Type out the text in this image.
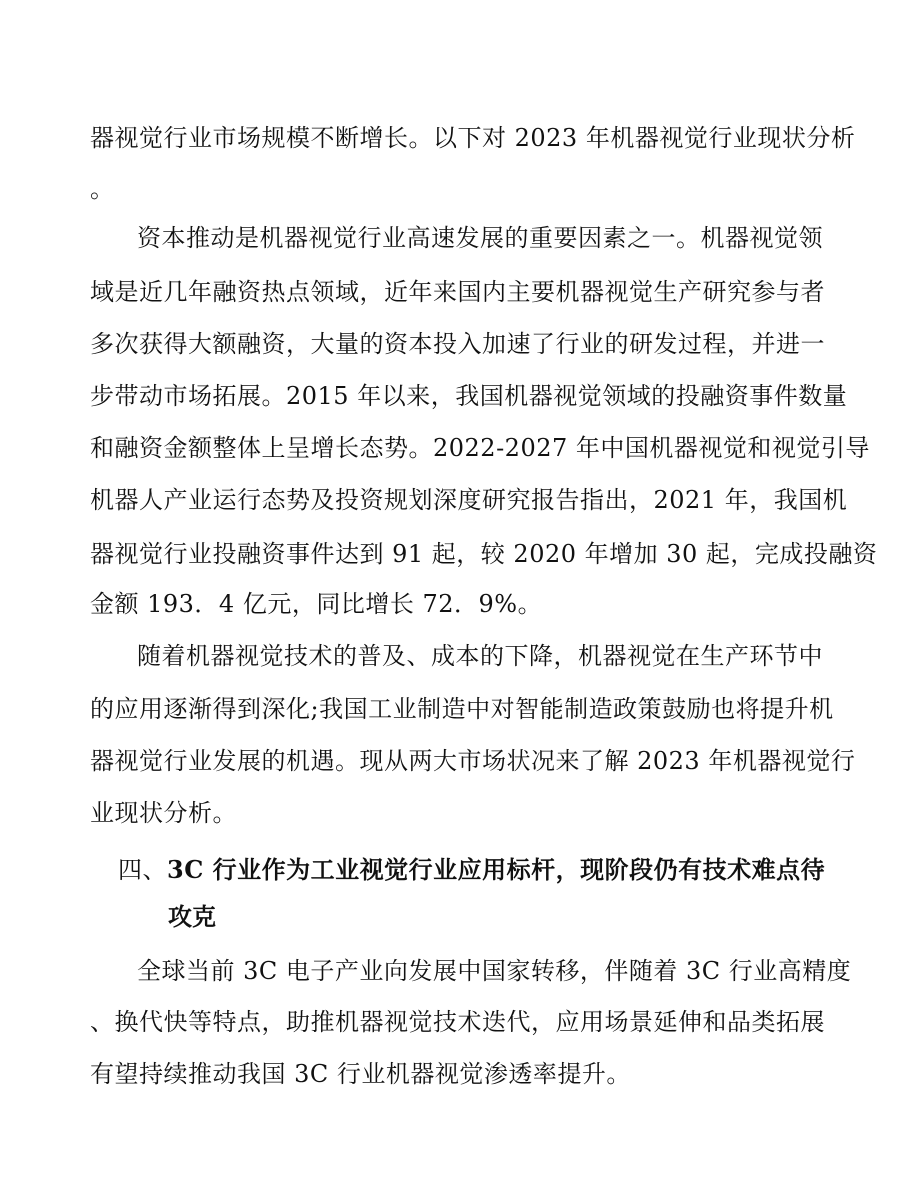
器视觉行业市场规模不断增长。以下对 2023 年机器视觉行业现状分析
。
资本推动是机器视觉行业高速发展的重要因素之一。机器视觉领
域是近几年融资热点领域，近年来国内主要机器视觉生产研究参与者
多次获得大额融资，大量的资本投入加速了行业的研发过程，并进一
步带动市场拓展。2015 年以来，我国机器视觉领域的投融资事件数量
和融资金额整体上呈增长态势。2022-2027 年中国机器视觉和视觉引导
机器人产业运行态势及投资规划深度研究报告指出，2021 年，我国机
器视觉行业投融资事件达到 91 起，较 2020 年增加 30 起，完成投融资
金额 193．4 亿元，同比增长 72．9%。
随着机器视觉技术的普及、成本的下降，机器视觉在生产环节中
的应用逐渐得到深化;我国工业制造中对智能制造政策鼓励也将提升机
器视觉行业发展的机遇。现从两大市场状况来了解 2023 年机器视觉行
业现状分析。
四、3C 行业作为工业视觉行业应用标杆，现阶段仍有技术难点待
攻克
全球当前 3C 电子产业向发展中国家转移，伴随着 3C 行业高精度
、换代快等特点，助推机器视觉技术迭代，应用场景延伸和品类拓展
有望持续推动我国 3C 行业机器视觉渗透率提升。
